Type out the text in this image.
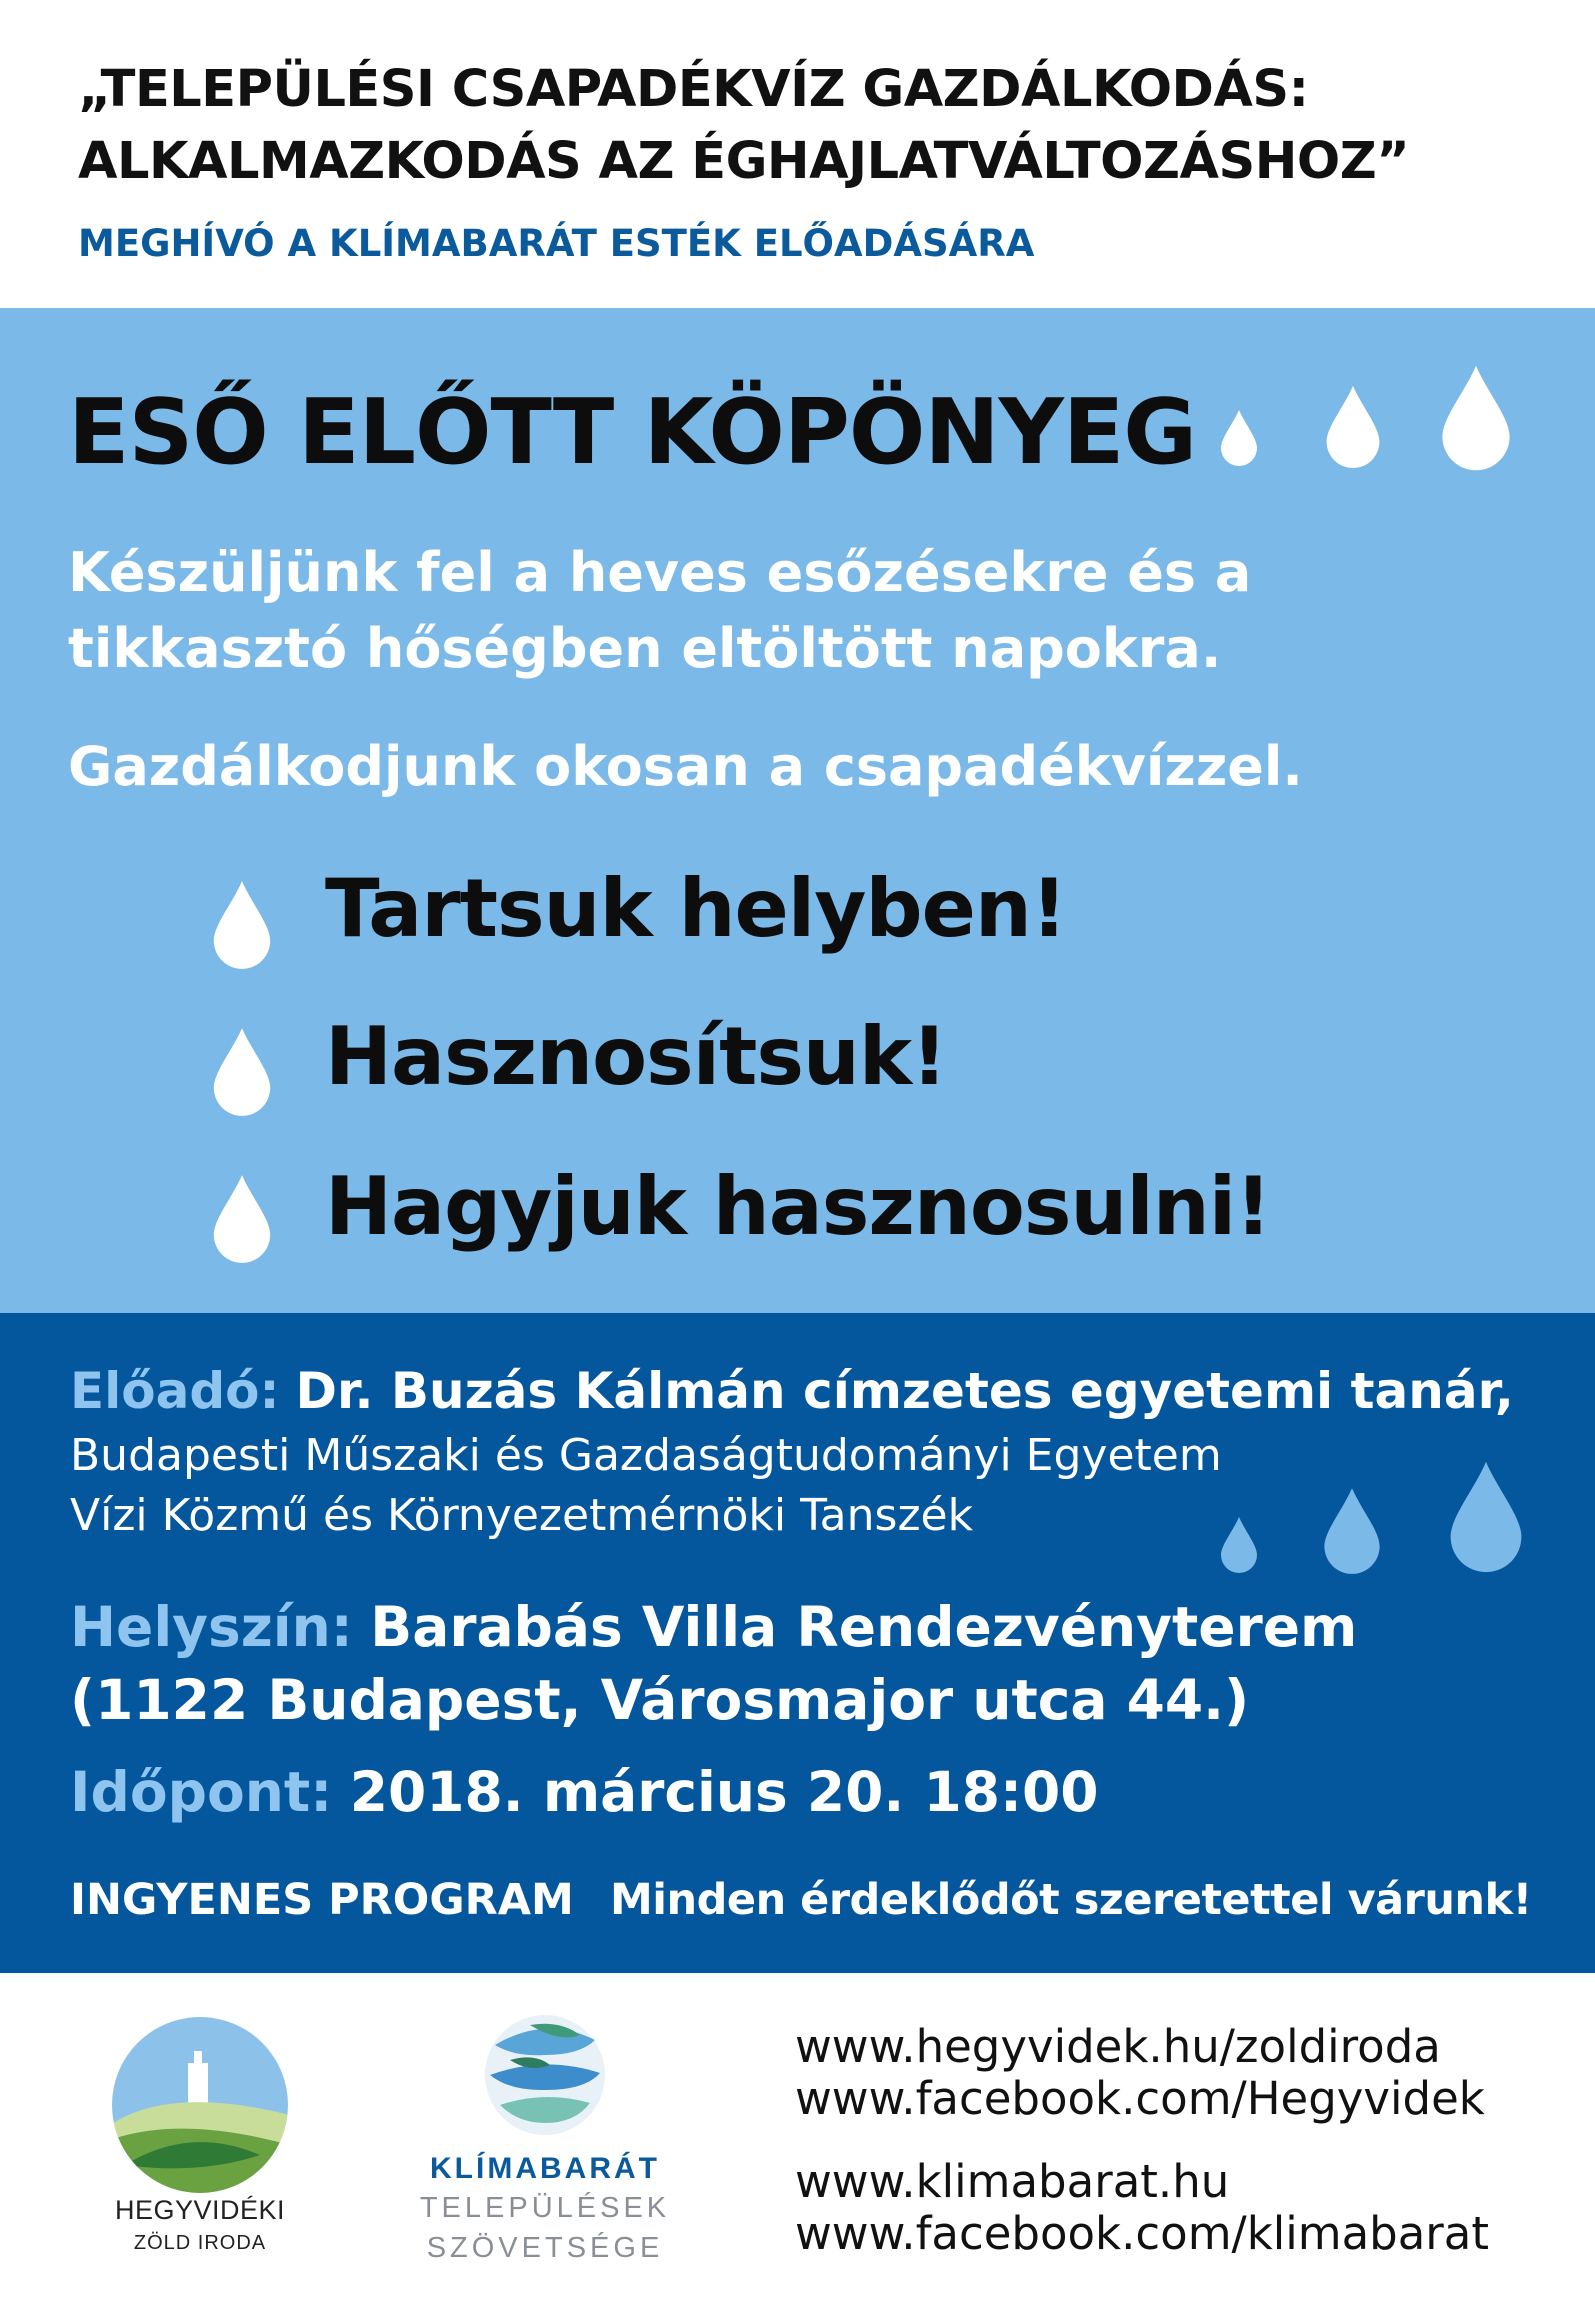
„TELEPÜLÉSI CSAPADÉKVÍZ GAZDÁLKODÁS:
ALKALMAZKODÁS AZ ÉGHAJLATVÁLTOZÁSHOZ”
MEGHÍVÓ A KLÍMABARÁT ESTÉK ELŐADÁSÁRA
ESŐ ELŐTT KÖPÖNYEG
Készüljünk fel a heves esőzésekre és a
tikkasztó hőségben eltöltött napokra.
Gazdálkodjunk okosan a csapadékvízzel.
Tartsuk helyben!
Hasznosítsuk!
Hagyjuk hasznosulni!
Előadó: Dr. Buzás Kálmán címzetes egyetemi tanár,
Budapesti Műszaki és Gazdaságtudományi Egyetem
Vízi Közmű és Környezetmérnöki Tanszék
Helyszín: Barabás Villa Rendezvényterem
(1122 Budapest, Városmajor utca 44.)
Időpont: 2018. március 20. 18:00
INGYENES PROGRAM Minden érdeklődőt szeretettel várunk!
HEGYVIDÉKI
ZÖLD IRODA
KLÍMABARÁT
TELEPÜLÉSEK
SZÖVETSÉGE
www.hegyvidek.hu/zoldiroda
www.facebook.com/Hegyvidek
www.klimabarat.hu
www.facebook.com/klimabarat
